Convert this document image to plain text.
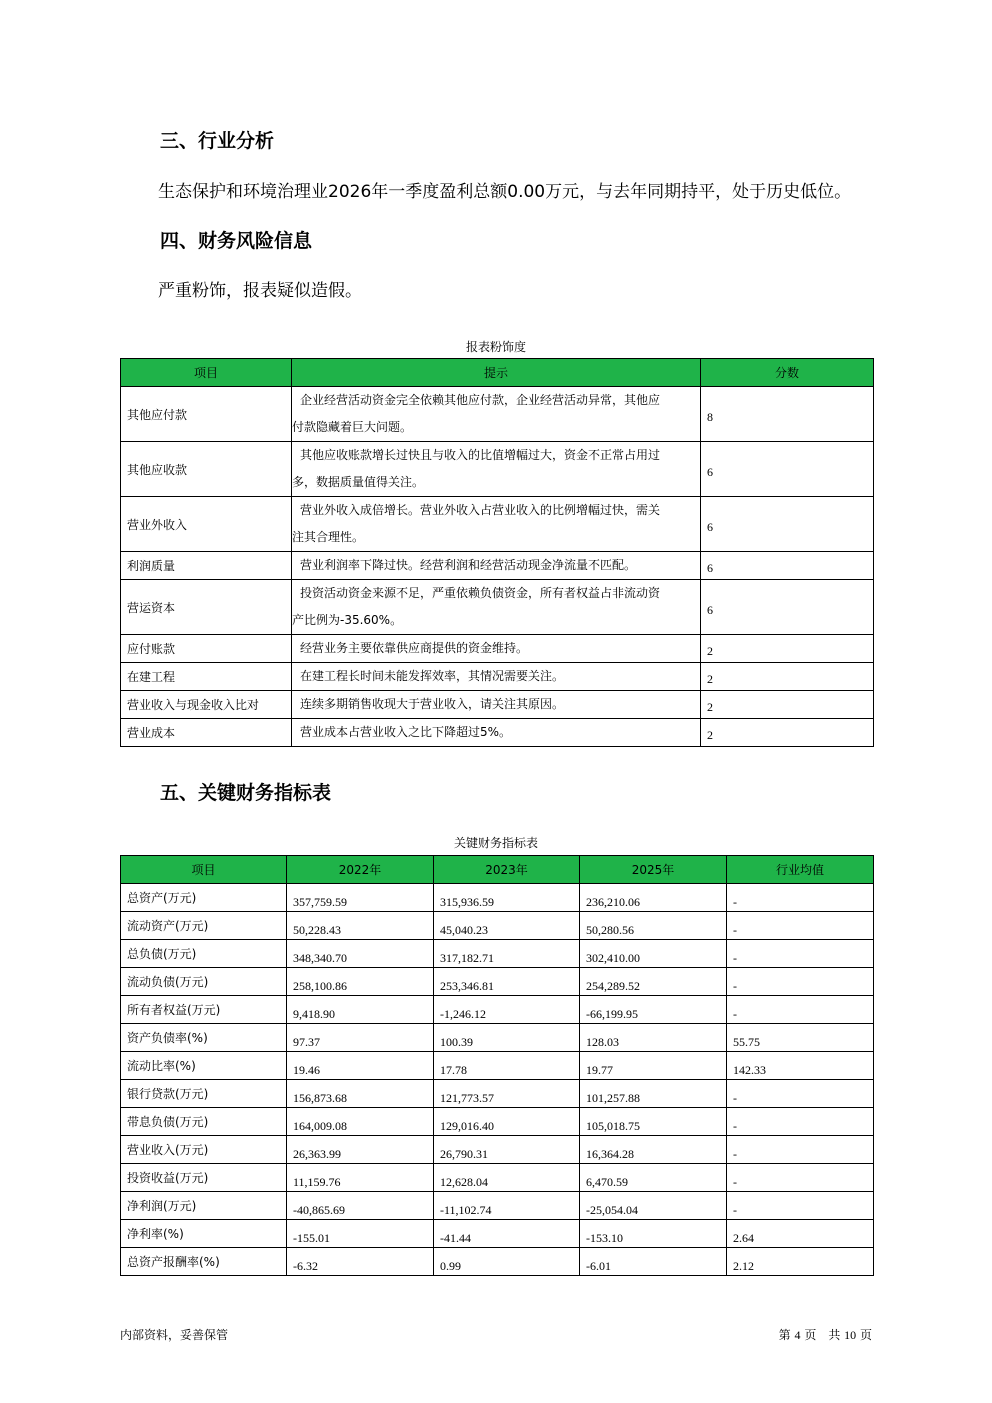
三、行业分析

生态保护和环境治理业2026年一季度盈利总额0.00万元，与去年同期持平，处于历史低位。

四、财务风险信息

严重粉饰，报表疑似造假。

报表粉饰度
项目	提示	分数
其他应付款	企业经营活动资金完全依赖其他应付款，企业经营活动异常，其他应
付款隐藏着巨大问题。	8
其他应收款	其他应收账款增长过快且与收入的比值增幅过大，资金不正常占用过
多，数据质量值得关注。	6
营业外收入	营业外收入成倍增长。营业外收入占营业收入的比例增幅过快，需关
注其合理性。	6
利润质量	营业利润率下降过快。经营利润和经营活动现金净流量不匹配。	6
营运资本	投资活动资金来源不足，严重依赖负债资金，所有者权益占非流动资
产比例为-35.60%。	6
应付账款	经营业务主要依靠供应商提供的资金维持。	2
在建工程	在建工程长时间未能发挥效率，其情况需要关注。	2
营业收入与现金收入比对	连续多期销售收现大于营业收入，请关注其原因。	2
营业成本	营业成本占营业收入之比下降超过5%。	2
五、关键财务指标表
关键财务指标表
项目	2022年	2023年	2025年	行业均值
总资产(万元)	357,759.59	315,936.59	236,210.06	-
流动资产(万元)	50,228.43	45,040.23	50,280.56	-
总负债(万元)	348,340.70	317,182.71	302,410.00	-
流动负债(万元)	258,100.86	253,346.81	254,289.52	-
所有者权益(万元)	9,418.90	-1,246.12	-66,199.95	-
资产负债率(%)	97.37	100.39	128.03	55.75
流动比率(%)	19.46	17.78	19.77	142.33
银行贷款(万元)	156,873.68	121,773.57	101,257.88	-
带息负债(万元)	164,009.08	129,016.40	105,018.75	-
营业收入(万元)	26,363.99	26,790.31	16,364.28	-
投资收益(万元)	11,159.76	12,628.04	6,470.59	-
净利润(万元)	-40,865.69	-11,102.74	-25,054.04	-
净利率(%)	-155.01	-41.44	-153.10	2.64
总资产报酬率(%)	-6.32	0.99	-6.01	2.12
内部资料，妥善保管	第 4 页　共 10 页
